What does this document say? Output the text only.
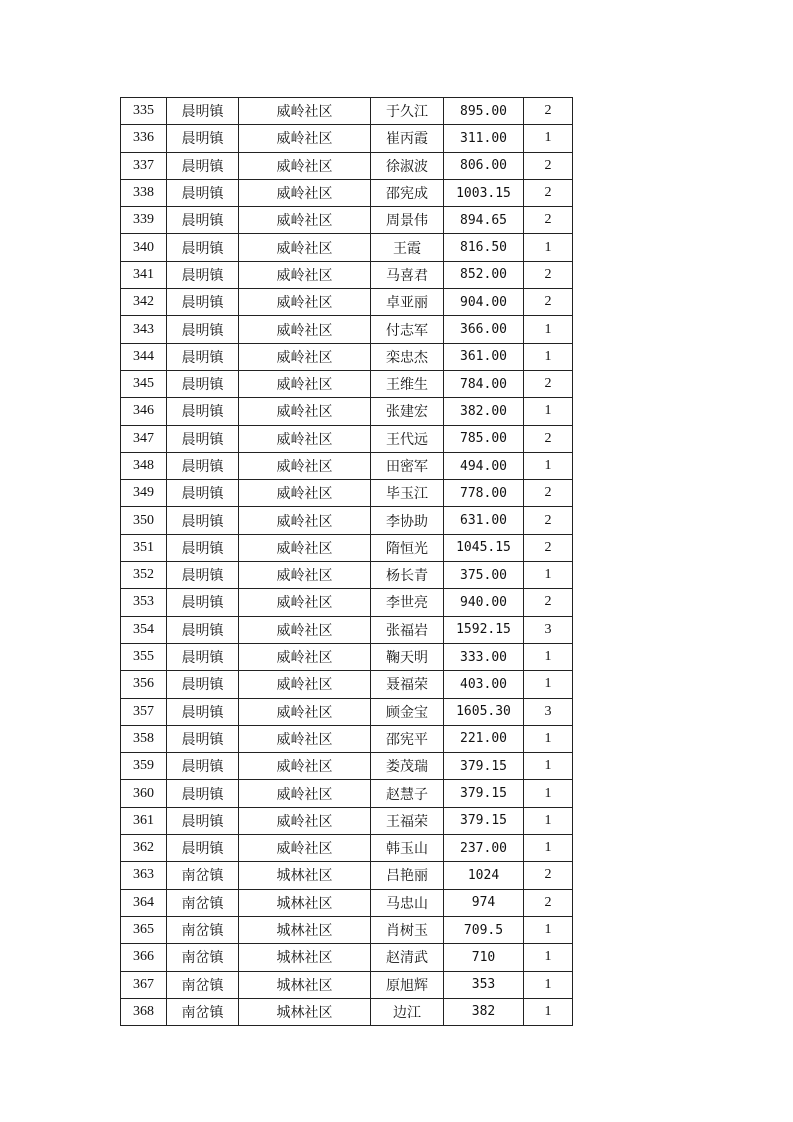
335	晨明镇	威岭社区	于久江	895.00	2
336	晨明镇	威岭社区	崔丙霞	311.00	1
337	晨明镇	威岭社区	徐淑波	806.00	2
338	晨明镇	威岭社区	邵宪成	1003.15	2
339	晨明镇	威岭社区	周景伟	894.65	2
340	晨明镇	威岭社区	王霞	816.50	1
341	晨明镇	威岭社区	马喜君	852.00	2
342	晨明镇	威岭社区	卓亚丽	904.00	2
343	晨明镇	威岭社区	付志军	366.00	1
344	晨明镇	威岭社区	栾忠杰	361.00	1
345	晨明镇	威岭社区	王维生	784.00	2
346	晨明镇	威岭社区	张建宏	382.00	1
347	晨明镇	威岭社区	王代远	785.00	2
348	晨明镇	威岭社区	田密军	494.00	1
349	晨明镇	威岭社区	毕玉江	778.00	2
350	晨明镇	威岭社区	李协助	631.00	2
351	晨明镇	威岭社区	隋恒光	1045.15	2
352	晨明镇	威岭社区	杨长青	375.00	1
353	晨明镇	威岭社区	李世亮	940.00	2
354	晨明镇	威岭社区	张福岩	1592.15	3
355	晨明镇	威岭社区	鞠天明	333.00	1
356	晨明镇	威岭社区	聂福荣	403.00	1
357	晨明镇	威岭社区	顾金宝	1605.30	3
358	晨明镇	威岭社区	邵宪平	221.00	1
359	晨明镇	威岭社区	娄茂瑞	379.15	1
360	晨明镇	威岭社区	赵慧子	379.15	1
361	晨明镇	威岭社区	王福荣	379.15	1
362	晨明镇	威岭社区	韩玉山	237.00	1
363	南岔镇	城林社区	吕艳丽	1024	2
364	南岔镇	城林社区	马忠山	974	2
365	南岔镇	城林社区	肖树玉	709.5	1
366	南岔镇	城林社区	赵清武	710	1
367	南岔镇	城林社区	原旭辉	353	1
368	南岔镇	城林社区	边江	382	1
